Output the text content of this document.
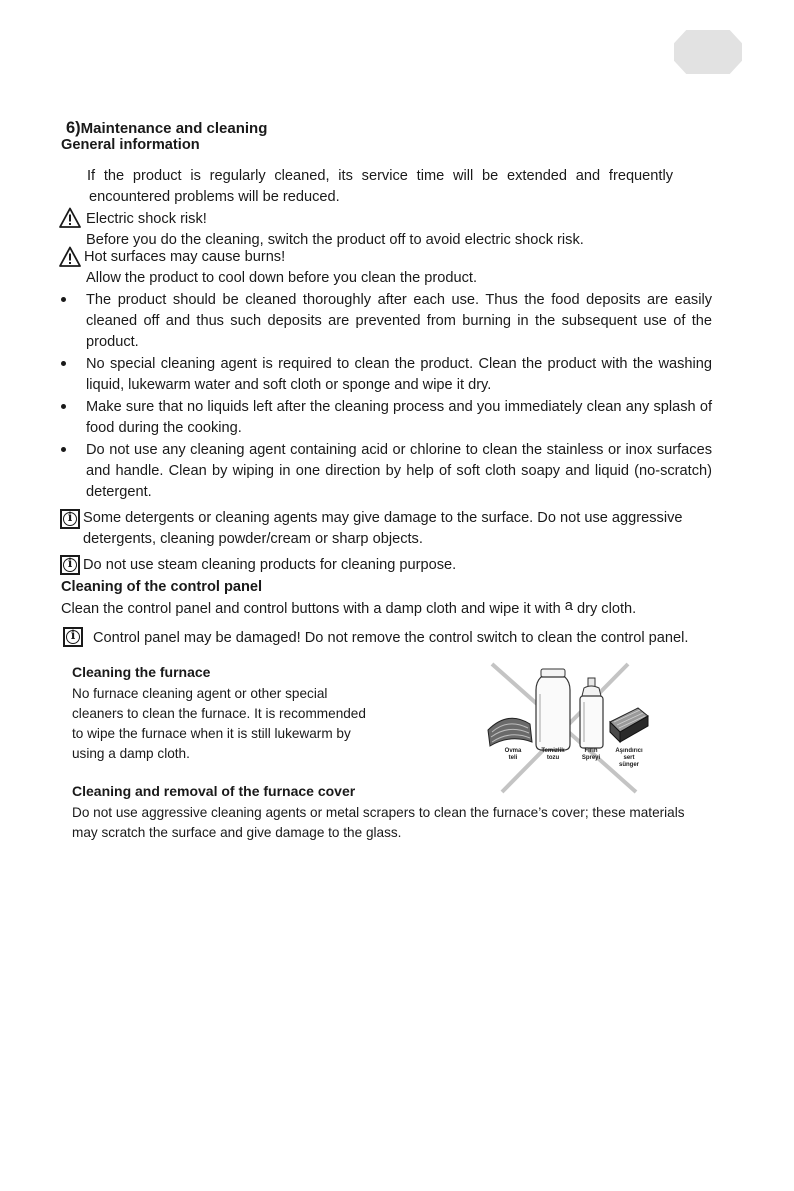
6)Maintenance and cleaning
General information
If the product is regularly cleaned, its service time will be extended and frequently
encountered problems will be reduced.
Electric shock risk!
Before you do the cleaning, switch the product off to avoid electric shock risk.
Hot surfaces may cause burns!
Allow the product to cool down before you clean the product.
The product should be cleaned thoroughly after each use. Thus the food deposits are easily cleaned off and thus such deposits are prevented from burning in the subsequent use of the product.
No special cleaning agent is required to clean the product. Clean the product with the washing liquid, lukewarm water and soft cloth or sponge and wipe it dry.
Make sure that no liquids left after the cleaning process and you immediately clean any splash of food during the cooking.
Do not use any cleaning agent containing acid or chlorine to clean the stainless or inox surfaces and handle. Clean by wiping in one direction by help of soft cloth soapy and liquid (no-scratch) detergent.
i Some detergents or cleaning agents may give damage to the surface. Do not use aggressive
detergents, cleaning powder/cream or sharp objects.
i Do not use steam cleaning products for cleaning purpose.
Cleaning of the control panel
Clean the control panel and control buttons with a damp cloth and wipe it with a dry cloth.
i	Control panel may be damaged! Do not remove the control switch to clean the control panel.
Cleaning the furnace
No furnace cleaning agent or other special
cleaners to clean the furnace. It is recommended
to wipe the furnace when it is still lukewarm by
using a damp cloth.	Ovma
teli
Temizlik
tozu
Fırın
Spreyi
Aşındırıcı
sert
sünger
Cleaning and removal of the furnace cover
Do not use aggressive cleaning agents or metal scrapers to clean the furnace’s cover; these materials
may scratch the surface and give damage to the glass.
